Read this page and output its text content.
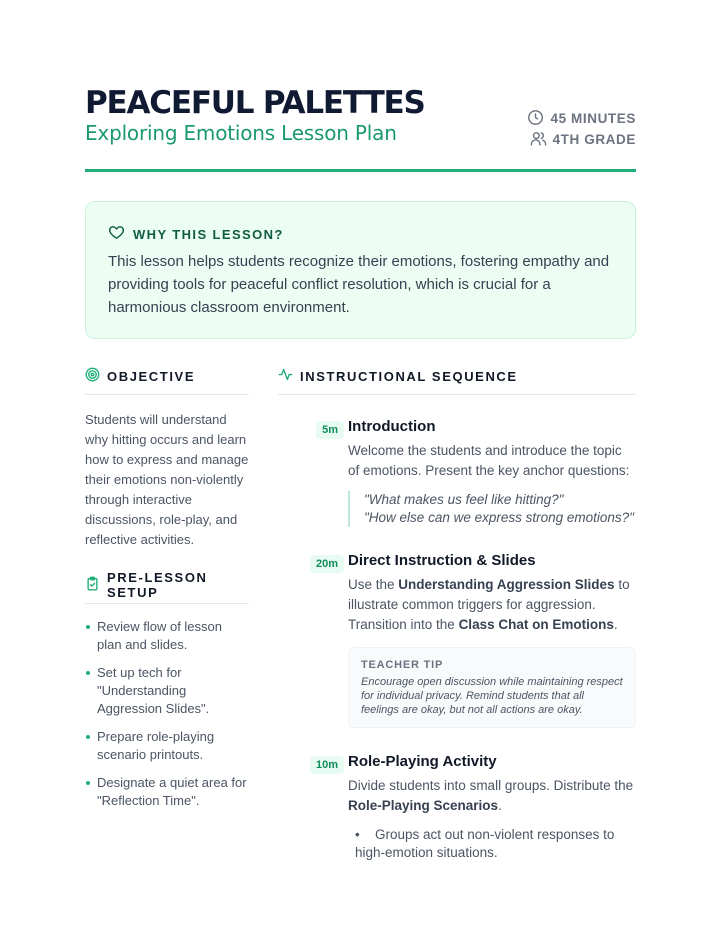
PEACEFUL PALETTES
Exploring Emotions Lesson Plan
45 MINUTES
4TH GRADE
WHY THIS LESSON?
This lesson helps students recognize their emotions, fostering empathy and providing tools for peaceful conflict resolution, which is crucial for a harmonious classroom environment.
OBJECTIVE
Students will understand why hitting occurs and learn how to express and manage their emotions non-violently through interactive discussions, role-play, and reflective activities.
PRE-LESSON SETUP
Review flow of lesson plan and slides.
Set up tech for "Understanding Aggression Slides".
Prepare role-playing scenario printouts.
Designate a quiet area for "Reflection Time".
INSTRUCTIONAL SEQUENCE
5m Introduction
Welcome the students and introduce the topic of emotions. Present the key anchor questions:
"What makes us feel like hitting?"
"How else can we express strong emotions?"
20m Direct Instruction & Slides
Use the Understanding Aggression Slides to illustrate common triggers for aggression. Transition into the Class Chat on Emotions.
TEACHER TIP
Encourage open discussion while maintaining respect for individual privacy. Remind students that all feelings are okay, but not all actions are okay.
10m Role-Playing Activity
Divide students into small groups. Distribute the Role-Playing Scenarios.
• Groups act out non-violent responses to high-emotion situations.
